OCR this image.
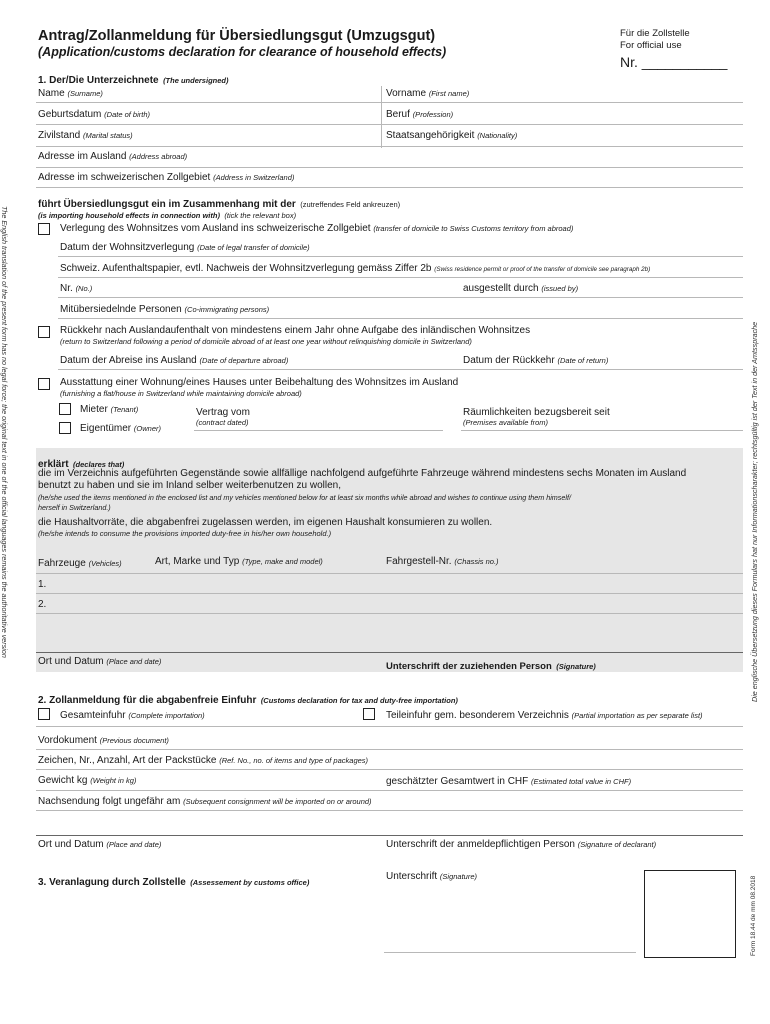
Antrag/Zollanmeldung für Übersiedlungsgut (Umzugsgut)
(Application/customs declaration for clearance of household effects)
Für die Zollstelle
For official use
Nr. ___________
1. Der/Die Unterzeichnete (The undersigned)
Name (Surname)	Vorname (First name)
Geburtsdatum (Date of birth)	Beruf (Profession)
Zivilstand (Marital status)	Staatsangehörigkeit (Nationality)
Adresse im Ausland (Address abroad)
Adresse im schweizerischen Zollgebiet (Address in Switzerland)
führt Übersiedlungsgut ein im Zusammenhang mit der (zutreffendes Feld ankreuzen)
(is importing household effects in connection with) (tick the relevant box)
Verlegung des Wohnsitzes vom Ausland ins schweizerische Zollgebiet (transfer of domicile to Swiss Customs territory from abroad)
Datum der Wohnsitzverlegung (Date of legal transfer of domicile)
Schweiz. Aufenthaltspapier, evtl. Nachweis der Wohnsitzverlegung gemäss Ziffer 2b (Swiss residence permit or proof of the transfer of domicile see paragraph 2b)
Nr. (No.)	ausgestellt durch (issued by)
Mitübersiedelnde Personen (Co-immigrating persons)
Rückkehr nach Auslandaufenthalt von mindestens einem Jahr ohne Aufgabe des inländischen Wohnsitzes
(return to Switzerland following a period of domicile abroad of at least one year without relinquishing domicile in Switzerland)
Datum der Abreise ins Ausland (Date of departure abroad)	Datum der Rückkehr (Date of return)
Ausstattung einer Wohnung/eines Hauses unter Beibehaltung des Wohnsitzes im Ausland
(furnishing a flat/house in Switzerland while maintaining domicile abroad)
Mieter (Tenant)
Eigentümer (Owner)
Vertrag vom
(contract dated)
Räumlichkeiten bezugsbereit seit
(Premises available from)
erklärt (declares that)
die im Verzeichnis aufgeführten Gegenstände sowie allfällige nachfolgend aufgeführte Fahrzeuge während mindestens sechs Monaten im Ausland
benutzt zu haben und sie im Inland selber weiterbenutzen zu wollen,
(he/she used the items mentioned in the enclosed list and my vehicles mentioned below for at least six months while abroad and wishes to continue using them himself/
herself in Switzerland.)
die Haushaltvorräte, die abgabenfrei zugelassen werden, im eigenen Haushalt konsumieren zu wollen.
(he/she intends to consume the provisions imported duty-free in his/her own household.)
Fahrzeuge (Vehicles)	Art, Marke und Typ (Type, make and model)	Fahrgestell-Nr. (Chassis no.)
1.
2.
Ort und Datum (Place and date)	Unterschrift der zuziehenden Person (Signature)
2. Zollanmeldung für die abgabenfreie Einfuhr (Customs declaration for tax and duty-free importation)
Gesamteinfuhr (Complete importation)	Teileinfuhr gem. besonderem Verzeichnis (Partial importation as per separate list)
Vordokument (Previous document)
Zeichen, Nr., Anzahl, Art der Packstücke (Ref. No., no. of items and type of packages)
Gewicht kg (Weight in kg)	geschätzter Gesamtwert in CHF (Estimated total value in CHF)
Nachsendung folgt ungefähr am (Subsequent consignment will be imported on or around)
Ort und Datum (Place and date)	Unterschrift der anmeldepflichtigen Person (Signature of declarant)
3. Veranlagung durch Zollstelle (Assessement by customs office)
Unterschrift (Signature)
The English translation of the present form has no legal force; the original text in one of the official languages remains the authoritative version	Die englische Übersetzung dieses Formulars hat nur Informationscharakter; rechtsgültig ist der Text in der Amtssprache
Form 18.44 de mm 08.2018
